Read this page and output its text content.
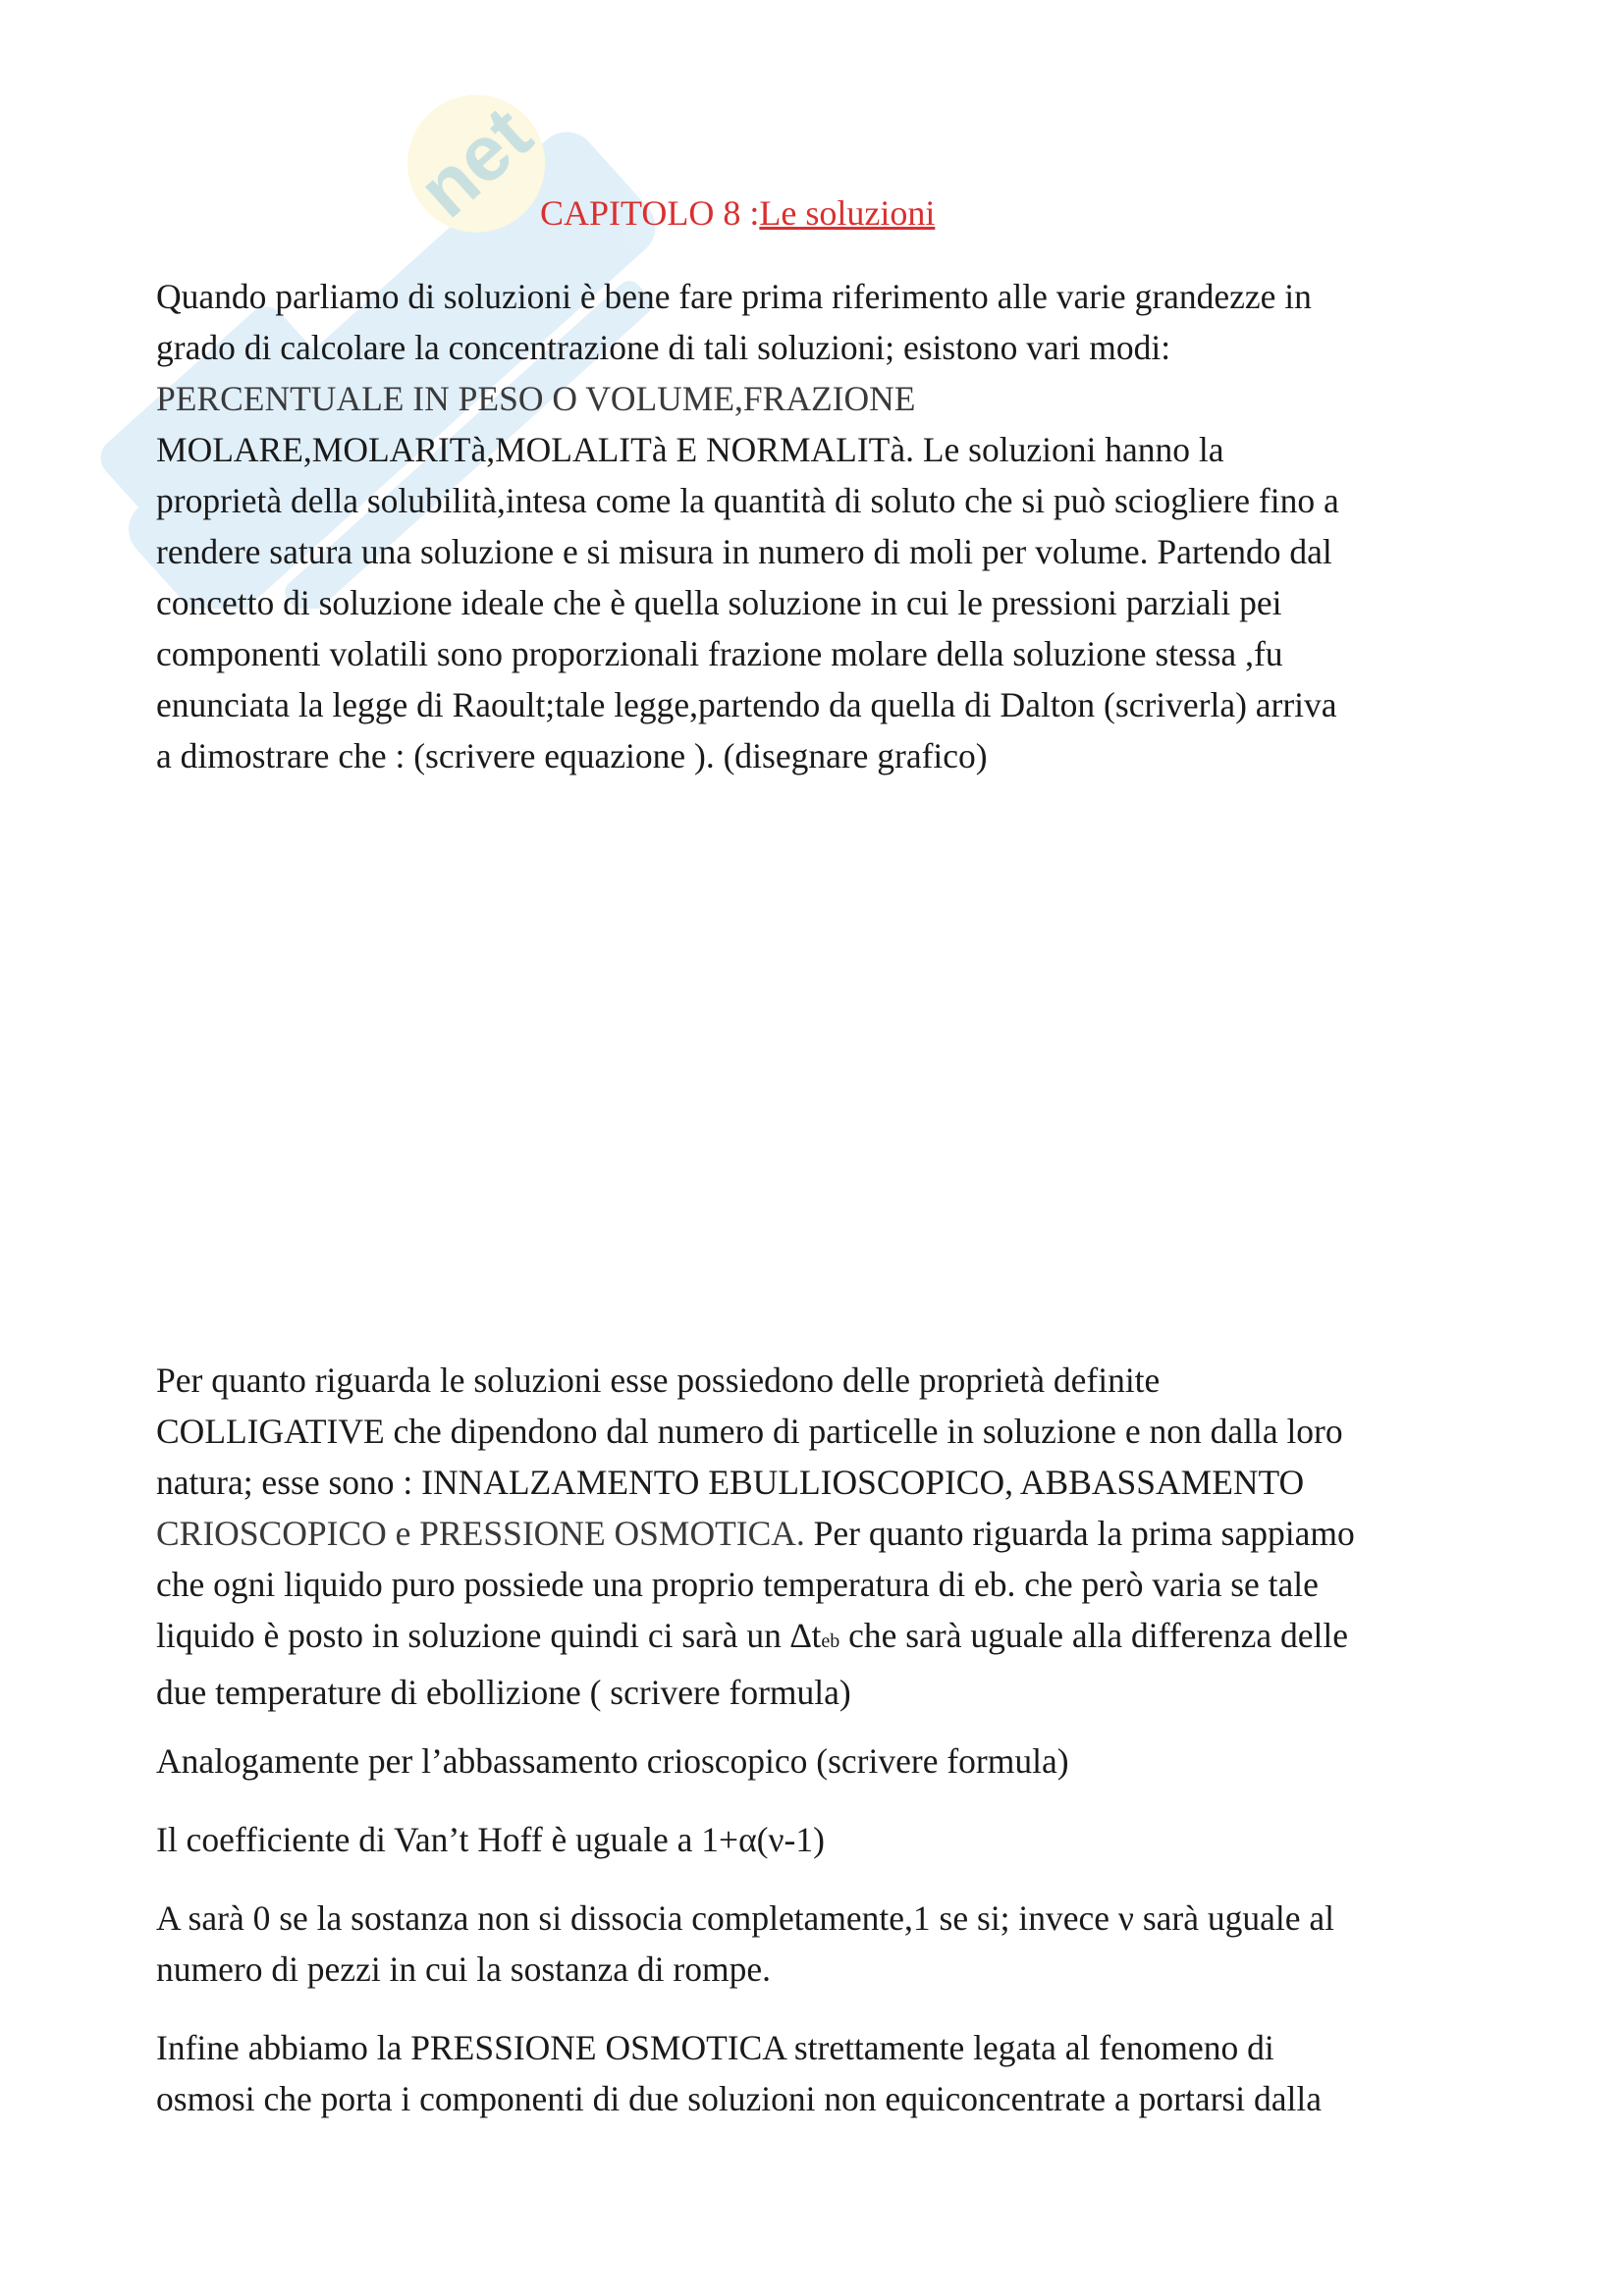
net
CAPITOLO 8 :Le soluzioni
Quando parliamo di soluzioni è bene fare prima riferimento alle varie grandezze in
grado di calcolare la concentrazione di tali soluzioni; esistono vari modi:
PERCENTUALE IN PESO O VOLUME,FRAZIONE
MOLARE,MOLARITà,MOLALITà E NORMALITà. Le soluzioni hanno la
proprietà della solubilità,intesa come la quantità di soluto che si può sciogliere fino a
rendere satura una soluzione e si misura in numero di moli per volume. Partendo dal
concetto di soluzione ideale che è quella soluzione in cui le pressioni parziali pei
componenti volatili sono proporzionali frazione molare della soluzione stessa ,fu
enunciata la legge di Raoult;tale legge,partendo da quella di Dalton (scriverla) arriva
a dimostrare che : (scrivere equazione ). (disegnare grafico)
Per quanto riguarda le soluzioni esse possiedono delle proprietà definite
COLLIGATIVE che dipendono dal numero di particelle in soluzione e non dalla loro
natura; esse sono : INNALZAMENTO EBULLIOSCOPICO, ABBASSAMENTO
CRIOSCOPICO e PRESSIONE OSMOTICA. Per quanto riguarda la prima sappiamo
che ogni liquido puro possiede una proprio temperatura di eb. che però varia se tale
liquido è posto in soluzione quindi ci sarà un ∆teb che sarà uguale alla differenza delle
due temperature di ebollizione ( scrivere formula)
Analogamente per l’abbassamento crioscopico (scrivere formula)
Il coefficiente di Van’t Hoff è uguale a 1+α(ν-1)
A sarà 0 se la sostanza non si dissocia completamente,1 se si; invece ν sarà uguale al
numero di pezzi in cui la sostanza di rompe.
Infine abbiamo la PRESSIONE OSMOTICA strettamente legata al fenomeno di
osmosi che porta i componenti di due soluzioni non equiconcentrate a portarsi dalla
